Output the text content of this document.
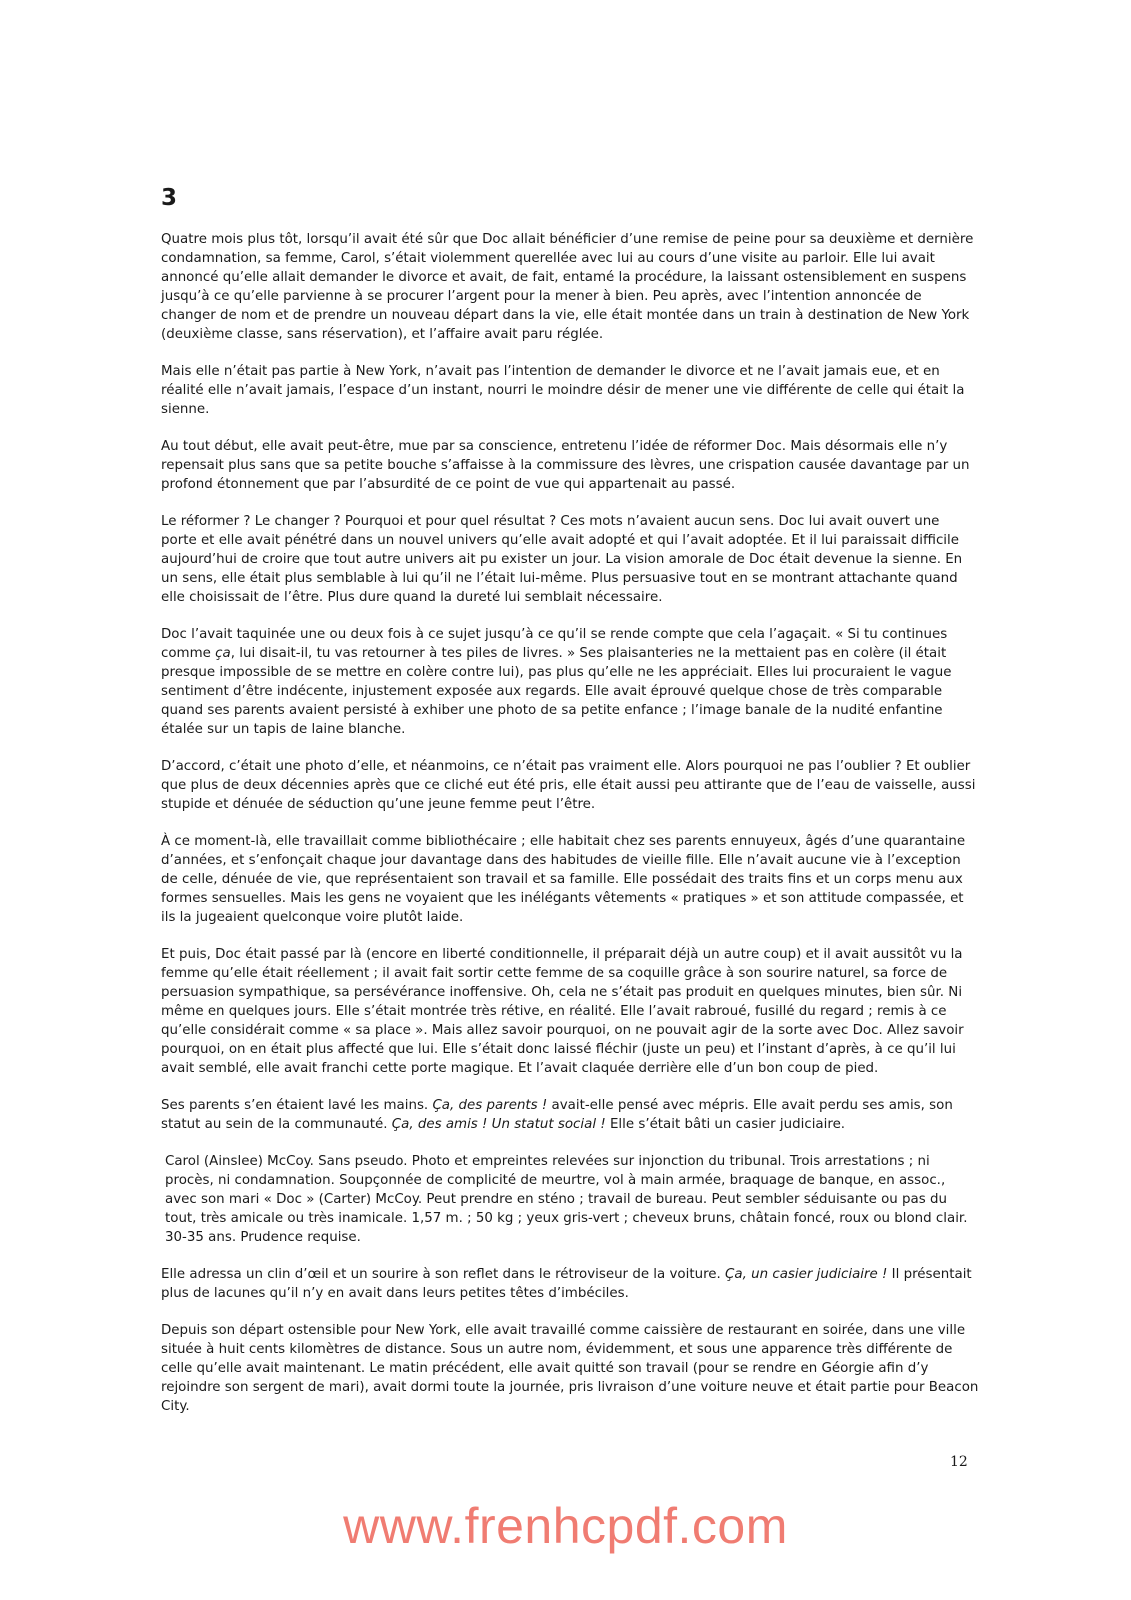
3

Quatre mois plus tôt, lorsqu’il avait été sûr que Doc allait bénéficier d’une remise de peine pour sa deuxième et dernière condamnation, sa femme, Carol, s’était violemment querellée avec lui au cours d’une visite au parloir. Elle lui avait annoncé qu’elle allait demander le divorce et avait, de fait, entamé la procédure, la laissant ostensiblement en suspens jusqu’à ce qu’elle parvienne à se procurer l’argent pour la mener à bien. Peu après, avec l’intention annoncée de changer de nom et de prendre un nouveau départ dans la vie, elle était montée dans un train à destination de New York (deuxième classe, sans réservation), et l’affaire avait paru réglée.

Mais elle n’était pas partie à New York, n’avait pas l’intention de demander le divorce et ne l’avait jamais eue, et en réalité elle n’avait jamais, l’espace d’un instant, nourri le moindre désir de mener une vie différente de celle qui était la sienne.

Au tout début, elle avait peut-être, mue par sa conscience, entretenu l’idée de réformer Doc. Mais désormais elle n’y repensait plus sans que sa petite bouche s’affaisse à la commissure des lèvres, une crispation causée davantage par un profond étonnement que par l’absurdité de ce point de vue qui appartenait au passé.

Le réformer ? Le changer ? Pourquoi et pour quel résultat ? Ces mots n’avaient aucun sens. Doc lui avait ouvert une porte et elle avait pénétré dans un nouvel univers qu’elle avait adopté et qui l’avait adoptée. Et il lui paraissait difficile aujourd’hui de croire que tout autre univers ait pu exister un jour. La vision amorale de Doc était devenue la sienne. En un sens, elle était plus semblable à lui qu’il ne l’était lui-même. Plus persuasive tout en se montrant attachante quand elle choisissait de l’être. Plus dure quand la dureté lui semblait nécessaire.

Doc l’avait taquinée une ou deux fois à ce sujet jusqu’à ce qu’il se rende compte que cela l’agaçait. « Si tu continues comme ça, lui disait-il, tu vas retourner à tes piles de livres. » Ses plaisanteries ne la mettaient pas en colère (il était presque impossible de se mettre en colère contre lui), pas plus qu’elle ne les appréciait. Elles lui procuraient le vague sentiment d’être indécente, injustement exposée aux regards. Elle avait éprouvé quelque chose de très comparable quand ses parents avaient persisté à exhiber une photo de sa petite enfance ; l’image banale de la nudité enfantine étalée sur un tapis de laine blanche.

D’accord, c’était une photo d’elle, et néanmoins, ce n’était pas vraiment elle. Alors pourquoi ne pas l’oublier ? Et oublier que plus de deux décennies après que ce cliché eut été pris, elle était aussi peu attirante que de l’eau de vaisselle, aussi stupide et dénuée de séduction qu’une jeune femme peut l’être.

À ce moment-là, elle travaillait comme bibliothécaire ; elle habitait chez ses parents ennuyeux, âgés d’une quarantaine d’années, et s’enfonçait chaque jour davantage dans des habitudes de vieille fille. Elle n’avait aucune vie à l’exception de celle, dénuée de vie, que représentaient son travail et sa famille. Elle possédait des traits fins et un corps menu aux formes sensuelles. Mais les gens ne voyaient que les inélégants vêtements « pratiques » et son attitude compassée, et ils la jugeaient quelconque voire plutôt laide.

Et puis, Doc était passé par là (encore en liberté conditionnelle, il préparait déjà un autre coup) et il avait aussitôt vu la femme qu’elle était réellement ; il avait fait sortir cette femme de sa coquille grâce à son sourire naturel, sa force de persuasion sympathique, sa persévérance inoffensive. Oh, cela ne s’était pas produit en quelques minutes, bien sûr. Ni même en quelques jours. Elle s’était montrée très rétive, en réalité. Elle l’avait rabroué, fusillé du regard ; remis à ce qu’elle considérait comme « sa place ». Mais allez savoir pourquoi, on ne pouvait agir de la sorte avec Doc. Allez savoir pourquoi, on en était plus affecté que lui. Elle s’était donc laissé fléchir (juste un peu) et l’instant d’après, à ce qu’il lui avait semblé, elle avait franchi cette porte magique. Et l’avait claquée derrière elle d’un bon coup de pied.

Ses parents s’en étaient lavé les mains. Ça, des parents ! avait-elle pensé avec mépris. Elle avait perdu ses amis, son statut au sein de la communauté. Ça, des amis ! Un statut social ! Elle s’était bâti un casier judiciaire.

Carol (Ainslee) McCoy. Sans pseudo. Photo et empreintes relevées sur injonction du tribunal. Trois arrestations ; ni procès, ni condamnation. Soupçonnée de complicité de meurtre, vol à main armée, braquage de banque, en assoc., avec son mari « Doc » (Carter) McCoy. Peut prendre en sténo ; travail de bureau. Peut sembler séduisante ou pas du tout, très amicale ou très inamicale. 1,57 m. ; 50 kg ; yeux gris-vert ; cheveux bruns, châtain foncé, roux ou blond clair. 30-35 ans. Prudence requise.

Elle adressa un clin d’œil et un sourire à son reflet dans le rétroviseur de la voiture. Ça, un casier judiciaire ! Il présentait plus de lacunes qu’il n’y en avait dans leurs petites têtes d’imbéciles.

Depuis son départ ostensible pour New York, elle avait travaillé comme caissière de restaurant en soirée, dans une ville située à huit cents kilomètres de distance. Sous un autre nom, évidemment, et sous une apparence très différente de celle qu’elle avait maintenant. Le matin précédent, elle avait quitté son travail (pour se rendre en Géorgie afin d’y rejoindre son sergent de mari), avait dormi toute la journée, pris livraison d’une voiture neuve et était partie pour Beacon City.

12
www.frenhcpdf.com
